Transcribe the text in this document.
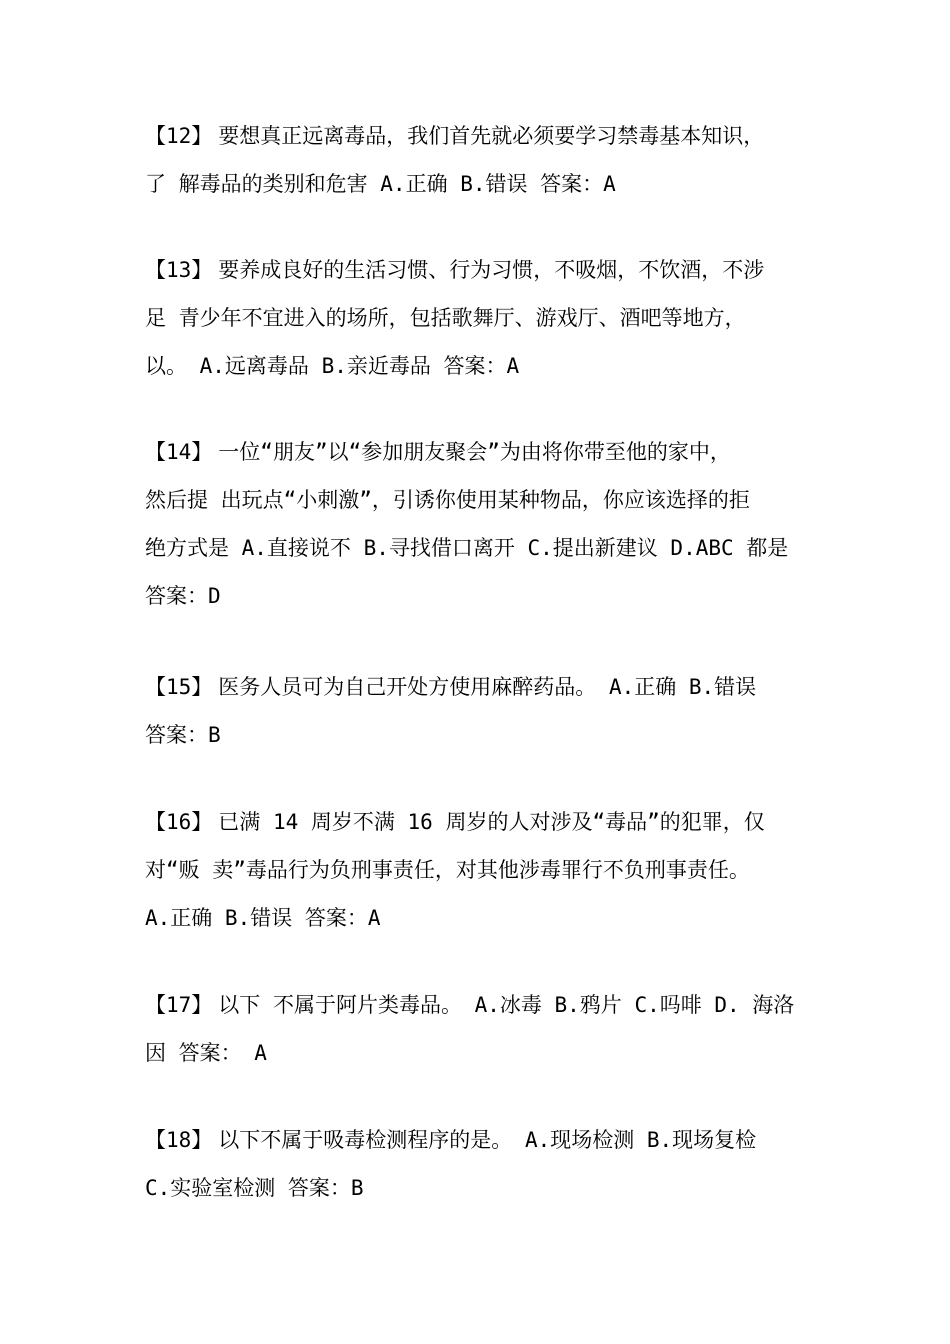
【12】 要想真正远离毒品，我们首先就必须要学习禁毒基本知识，
了 解毒品的类别和危害 A.正确 B.错误 答案：A
【13】 要养成良好的生活习惯、行为习惯，不吸烟，不饮酒，不涉
足 青少年不宜进入的场所，包括歌舞厅、游戏厅、酒吧等地方，
以。 A.远离毒品 B.亲近毒品 答案：A
【14】 一位“朋友”以“参加朋友聚会”为由将你带至他的家中，
然后提 出玩点“小刺激”，引诱你使用某种物品，你应该选择的拒
绝方式是 A.直接说不 B.寻找借口离开 C.提出新建议 D.ABC 都是
答案：D
【15】 医务人员可为自己开处方使用麻醉药品。 A.正确 B.错误
答案：B
【16】 已满 14 周岁不满 16 周岁的人对涉及“毒品”的犯罪，仅
对“贩 卖”毒品行为负刑事责任，对其他涉毒罪行不负刑事责任。
A.正确 B.错误 答案：A
【17】 以下 不属于阿片类毒品。 A.冰毒 B.鸦片 C.吗啡 D. 海洛
因 答案： A
【18】 以下不属于吸毒检测程序的是。 A.现场检测 B.现场复检
C.实验室检测 答案：B
